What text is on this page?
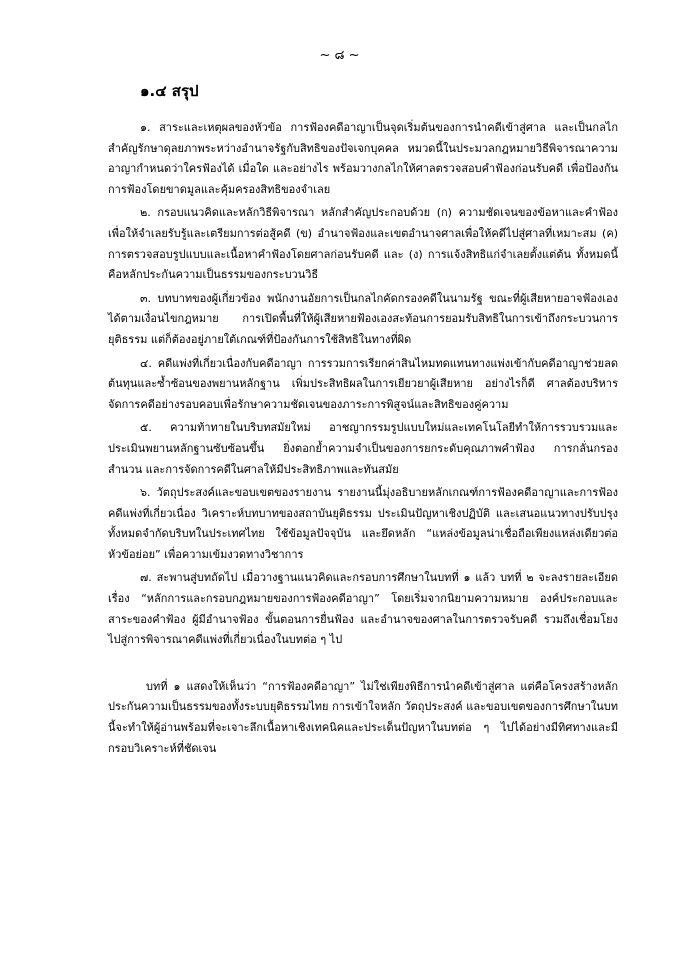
~ ๘ ~
๑.๔ สรุป

๑. สาระและเหตุผลของหัวข้อ การฟ้องคดีอาญาเป็นจุดเริ่มต้นของการนำคดีเข้าสู่ศาล และเป็นกลไกสำคัญรักษาดุลยภาพระหว่างอำนาจรัฐกับสิทธิของปัจเจกบุคคล หมวดนี้ในประมวลกฎหมายวิธีพิจารณาความอาญากำหนดว่าใครฟ้องได้ เมื่อใด และอย่างไร พร้อมวางกลไกให้ศาลตรวจสอบคำฟ้องก่อนรับคดี เพื่อป้องกันการฟ้องโดยขาดมูลและคุ้มครองสิทธิของจำเลย

๒. กรอบแนวคิดและหลักวิธีพิจารณา หลักสำคัญประกอบด้วย (ก) ความชัดเจนของข้อหาและคำฟ้องเพื่อให้จำเลยรับรู้และเตรียมการต่อสู้คดี (ข) อำนาจฟ้องและเขตอำนาจศาลเพื่อให้คดีไปสู่ศาลที่เหมาะสม (ค) การตรวจสอบรูปแบบและเนื้อหาคำฟ้องโดยศาลก่อนรับคดี และ (ง) การแจ้งสิทธิแก่จำเลยตั้งแต่ต้น ทั้งหมดนี้คือหลักประกันความเป็นธรรมของกระบวนวิธี

๓. บทบาทของผู้เกี่ยวข้อง พนักงานอัยการเป็นกลไกคัดกรองคดีในนามรัฐ ขณะที่ผู้เสียหายอาจฟ้องเองได้ตามเงื่อนไขกฎหมาย การเปิดพื้นที่ให้ผู้เสียหายฟ้องเองสะท้อนการยอมรับสิทธิในการเข้าถึงกระบวนการยุติธรรม แต่ก็ต้องอยู่ภายใต้เกณฑ์ที่ป้องกันการใช้สิทธิในทางที่ผิด

๔. คดีแพ่งที่เกี่ยวเนื่องกับคดีอาญา การรวมการเรียกค่าสินไหมทดแทนทางแพ่งเข้ากับคดีอาญาช่วยลดต้นทุนและซ้ำซ้อนของพยานหลักฐาน เพิ่มประสิทธิผลในการเยียวยาผู้เสียหาย อย่างไรก็ดี ศาลต้องบริหารจัดการคดีอย่างรอบคอบเพื่อรักษาความชัดเจนของภาระการพิสูจน์และสิทธิของคู่ความ

๕. ความท้าทายในบริบทสมัยใหม่ อาชญากรรมรูปแบบใหม่และเทคโนโลยีทำให้การรวบรวมและประเมินพยานหลักฐานซับซ้อนขึ้น ยิ่งตอกย้ำความจำเป็นของการยกระดับคุณภาพคำฟ้อง การกลั่นกรองสำนวน และการจัดการคดีในศาลให้มีประสิทธิภาพและทันสมัย

๖. วัตถุประสงค์และขอบเขตของรายงาน รายงานนี้มุ่งอธิบายหลักเกณฑ์การฟ้องคดีอาญาและการฟ้องคดีแพ่งที่เกี่ยวเนื่อง วิเคราะห์บทบาทของสถาบันยุติธรรม ประเมินปัญหาเชิงปฏิบัติ และเสนอแนวทางปรับปรุง ทั้งหมดจำกัดบริบทในประเทศไทย ใช้ข้อมูลปัจจุบัน และยึดหลัก “แหล่งข้อมูลน่าเชื่อถือเพียงแหล่งเดียวต่อหัวข้อย่อย” เพื่อความเข้มงวดทางวิชาการ

๗. สะพานสู่บทถัดไป เมื่อวางฐานแนวคิดและกรอบการศึกษาในบทที่ ๑ แล้ว บทที่ ๒ จะลงรายละเอียดเรื่อง “หลักการและกรอบกฎหมายของการฟ้องคดีอาญา” โดยเริ่มจากนิยามความหมาย องค์ประกอบและสาระของคำฟ้อง ผู้มีอำนาจฟ้อง ขั้นตอนการยื่นฟ้อง และอำนาจของศาลในการตรวจรับคดี รวมถึงเชื่อมโยงไปสู่การพิจารณาคดีแพ่งที่เกี่ยวเนื่องในบทต่อ ๆ ไป

บทที่ ๑ แสดงให้เห็นว่า “การฟ้องคดีอาญา” ไม่ใช่เพียงพิธีการนำคดีเข้าสู่ศาล แต่คือโครงสร้างหลักประกันความเป็นธรรมของทั้งระบบยุติธรรมไทย การเข้าใจหลัก วัตถุประสงค์ และขอบเขตของการศึกษาในบทนี้จะทำให้ผู้อ่านพร้อมที่จะเจาะลึกเนื้อหาเชิงเทคนิคและประเด็นปัญหาในบทต่อ ๆ ไปได้อย่างมีทิศทางและมีกรอบวิเคราะห์ที่ชัดเจน
